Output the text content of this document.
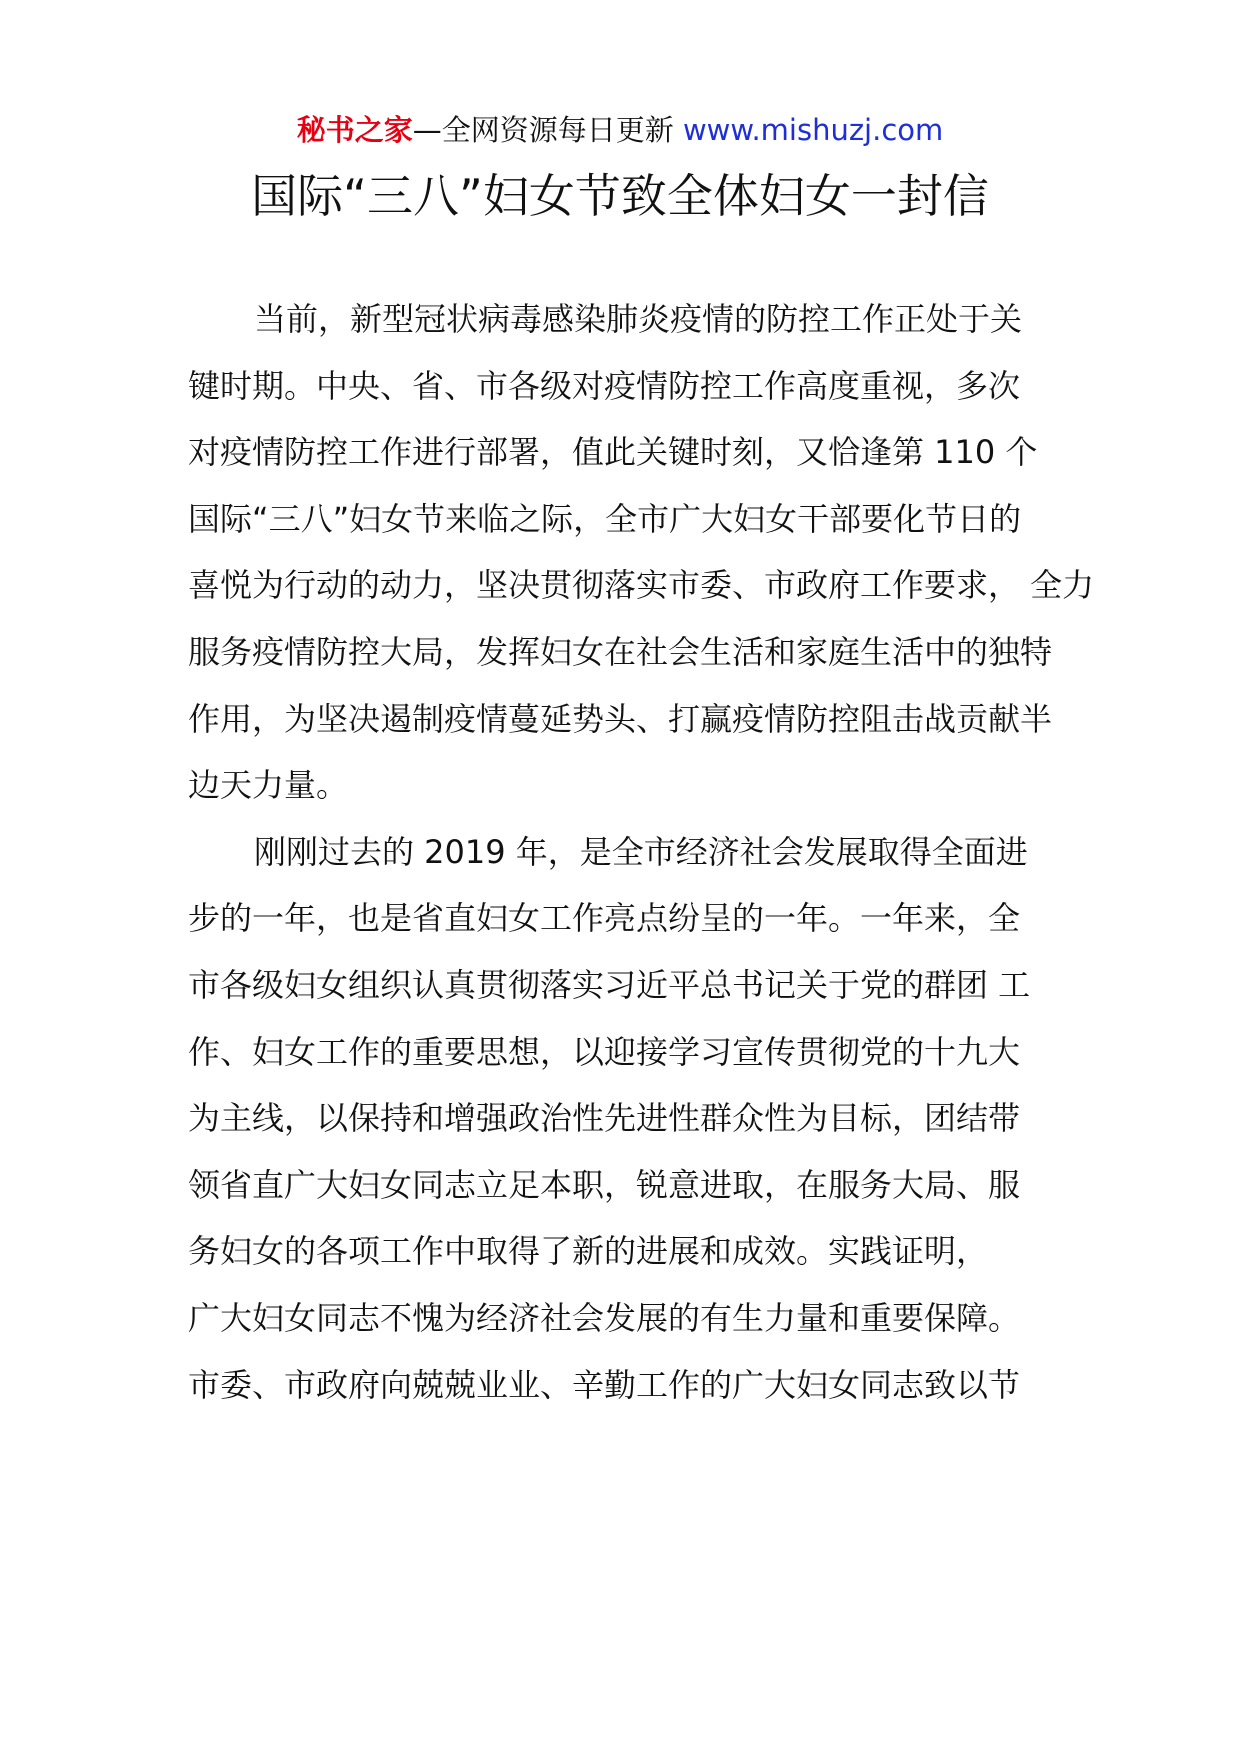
秘书之家—全网资源每日更新 www.mishuzj.com
国际“三八”妇女节致全体妇女一封信
当前，新型冠状病毒感染肺炎疫情的防控工作正处于关
键时期。中央、省、市各级对疫情防控工作高度重视，多次
对疫情防控工作进行部署，值此关键时刻，又恰逢第 110 个
国际“三八”妇女节来临之际，全市广大妇女干部要化节日的
喜悦为行动的动力，坚决贯彻落实市委、市政府工作要求， 全力
服务疫情防控大局，发挥妇女在社会生活和家庭生活中的独特
作用，为坚决遏制疫情蔓延势头、打赢疫情防控阻击战贡献半
边天力量。
刚刚过去的 2019 年，是全市经济社会发展取得全面进
步的一年，也是省直妇女工作亮点纷呈的一年。一年来，全
市各级妇女组织认真贯彻落实习近平总书记关于党的群团 工
作、妇女工作的重要思想，以迎接学习宣传贯彻党的十九大
为主线，以保持和增强政治性先进性群众性为目标，团结带
领省直广大妇女同志立足本职，锐意进取，在服务大局、服
务妇女的各项工作中取得了新的进展和成效。实践证明，
广大妇女同志不愧为经济社会发展的有生力量和重要保障。
市委、市政府向兢兢业业、辛勤工作的广大妇女同志致以节
